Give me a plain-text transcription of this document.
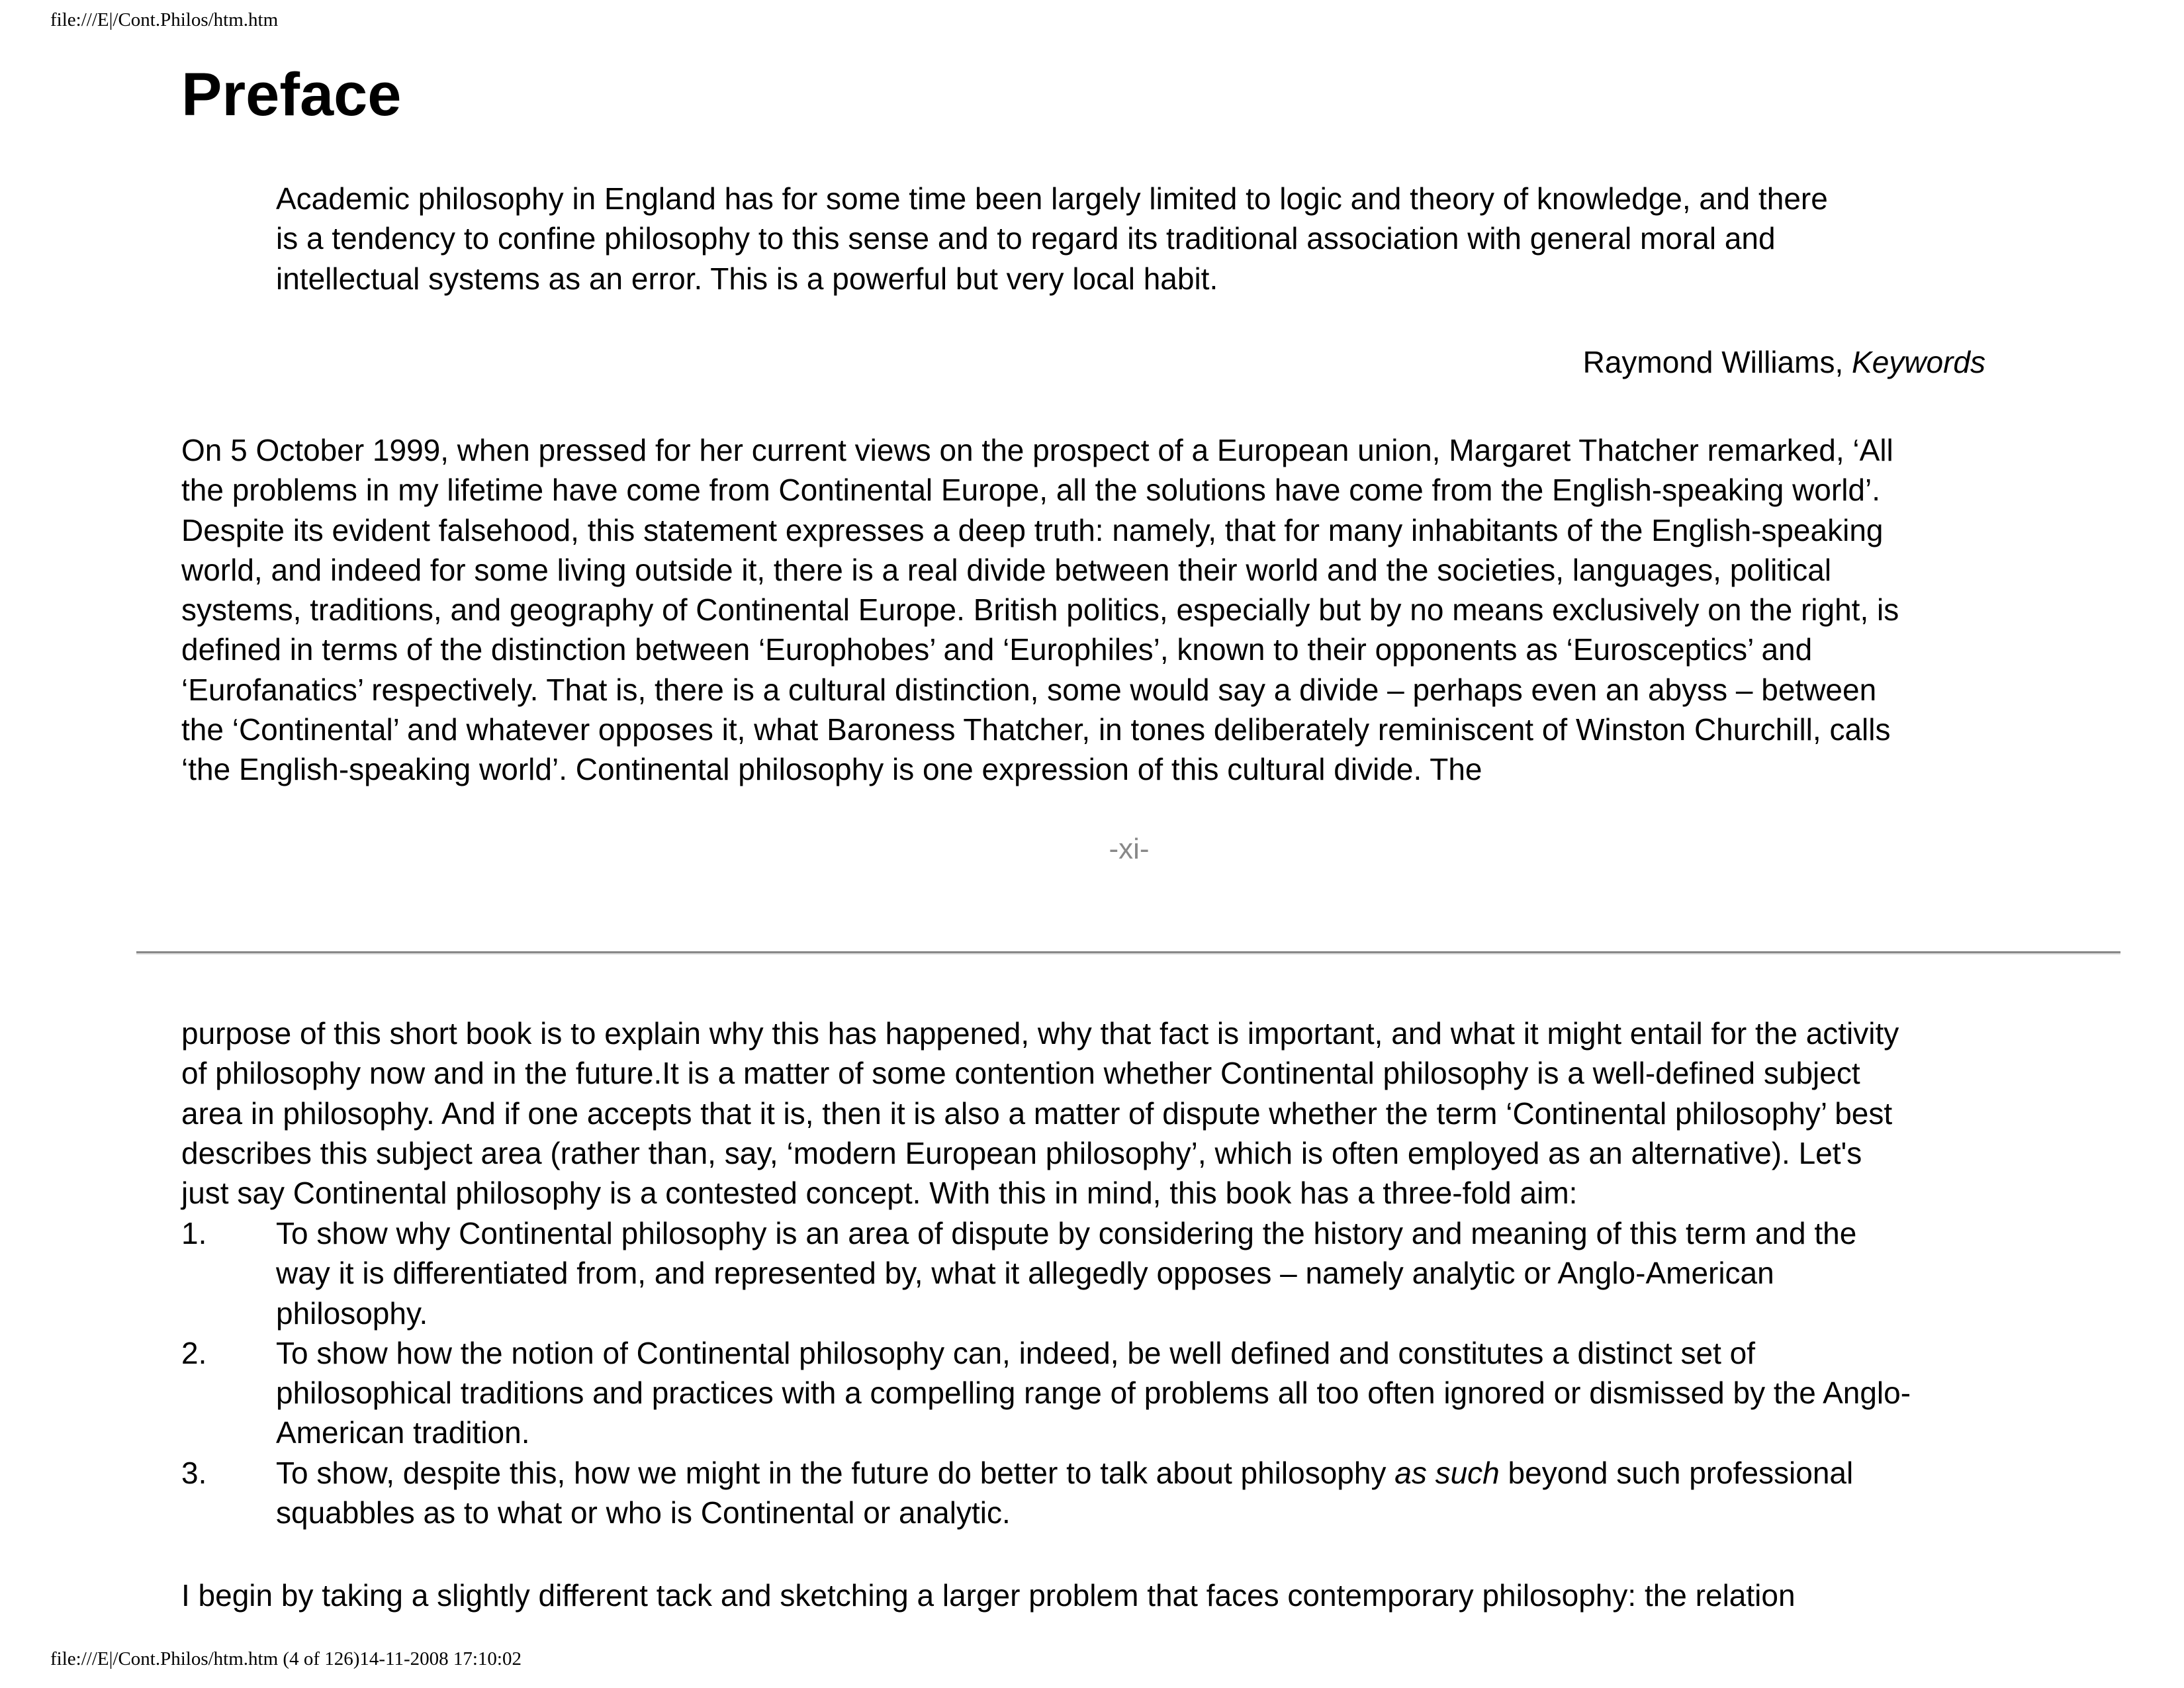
file:///E|/Cont.Philos/htm.htm
Preface
Academic philosophy in England has for some time been largely limited to logic and theory of knowledge, and there
is a tendency to confine philosophy to this sense and to regard its traditional association with general moral and
intellectual systems as an error. This is a powerful but very local habit.
Raymond Williams, Keywords
On 5 October 1999, when pressed for her current views on the prospect of a European union, Margaret Thatcher remarked, ‘All
the problems in my lifetime have come from Continental Europe, all the solutions have come from the English-speaking world’.
Despite its evident falsehood, this statement expresses a deep truth: namely, that for many inhabitants of the English-speaking
world, and indeed for some living outside it, there is a real divide between their world and the societies, languages, political
systems, traditions, and geography of Continental Europe. British politics, especially but by no means exclusively on the right, is
defined in terms of the distinction between ‘Europhobes’ and ‘Europhiles’, known to their opponents as ‘Eurosceptics’ and
‘Eurofanatics’ respectively. That is, there is a cultural distinction, some would say a divide – perhaps even an abyss – between
the ‘Continental’ and whatever opposes it, what Baroness Thatcher, in tones deliberately reminiscent of Winston Churchill, calls
‘the English-speaking world’. Continental philosophy is one expression of this cultural divide. The
-xi-
purpose of this short book is to explain why this has happened, why that fact is important, and what it might entail for the activity
of philosophy now and in the future.It is a matter of some contention whether Continental philosophy is a well-defined subject
area in philosophy. And if one accepts that it is, then it is also a matter of dispute whether the term ‘Continental philosophy’ best
describes this subject area (rather than, say, ‘modern European philosophy’, which is often employed as an alternative). Let's
just say Continental philosophy is a contested concept. With this in mind, this book has a three-fold aim:
1. To show why Continental philosophy is an area of dispute by considering the history and meaning of this term and the
way it is differentiated from, and represented by, what it allegedly opposes – namely analytic or Anglo-American
philosophy.
2. To show how the notion of Continental philosophy can, indeed, be well defined and constitutes a distinct set of
philosophical traditions and practices with a compelling range of problems all too often ignored or dismissed by the Anglo-
American tradition.
3. To show, despite this, how we might in the future do better to talk about philosophy as such beyond such professional
squabbles as to what or who is Continental or analytic.
I begin by taking a slightly different tack and sketching a larger problem that faces contemporary philosophy: the relation
file:///E|/Cont.Philos/htm.htm (4 of 126)14-11-2008 17:10:02
